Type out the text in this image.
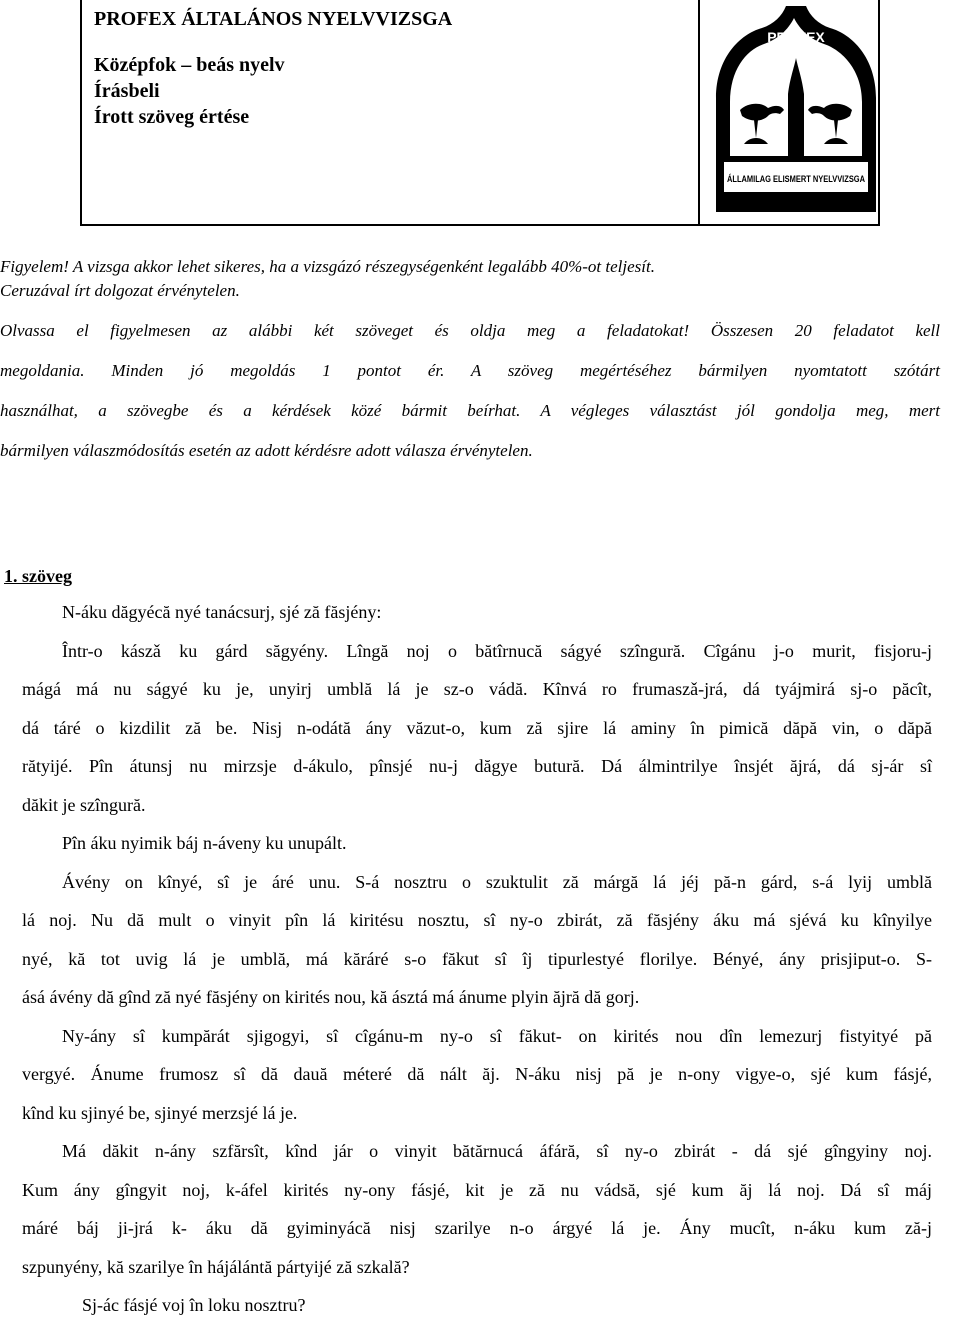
PROFEX ÁLTALÁNOS NYELVVIZSGA
Középfok – beás nyelv
Írásbeli
Írott szöveg értése
PROFEX
ÁLLAMILAG ELISMERT NYELVVIZSGA
Figyelem! A vizsga akkor lehet sikeres, ha a vizsgázó részegységenként legalább 40%-ot teljesít.
Ceruzával írt dolgozat érvénytelen.
Olvassa el figyelmesen az alábbi két szöveget és oldja meg a feladatokat! Összesen 20 feladatot kell
megoldania. Minden jó megoldás 1 pontot ér. A szöveg megértéséhez bármilyen nyomtatott szótárt
használhat, a szövegbe és a kérdések közé bármit beírhat. A végleges választást jól gondolja meg, mert
bármilyen válaszmódosítás esetén az adott kérdésre adott válasza érvénytelen.
1. szöveg
N-áku dăgyécă nyé tanácsurj, sjé ză făsjény:
Într-o kászǎ ku gárd săgyény. Lîngă noj o bătîrnucă ságyé szîngură. Cîgánu j-o murit, fisjoru-j
mágá má nu ságyé ku je, unyirj umblă lá je sz-o vádă. Kînvá ro frumaszǎ-jrá, dá tyájmirá sj-o păcît,
dá táré o kizdilit ză be. Nisj n-odátă ány văzut-o, kum ză sjire lá aminy în pimică dăpă vin, o dăpă
rătyijé. Pîn átunsj nu mirzsje d-ákulo, pînsjé nu-j dăgye butură. Dá álmintrilye însjét ăjrá, dá sj-ár sî
dăkit je szîngură.
Pîn áku nyimik báj n-áveny ku unupált.
Ávény on kînyé, sî je áré unu. S-á nosztru o szuktulit ză márgă lá jéj pă-n gárd, s-á lyij umblă
lá noj. Nu dă mult o vinyit pîn lá kiritésu nosztu, sî ny-o zbirát, ză făsjény áku má sjévá ku kînyilye
nyé, kă tot uvig lá je umblă, má kăráré s-o făkut sî îj tipurlestyé florilye. Bényé, ány prisjiput-o. S-
ásá ávény dă gînd ză nyé făsjény on kirités nou, kă ásztá má ánume plyin ăjră dă gorj.
Ny-ány sî kumpărát sjigogyi, sî cîgánu-m ny-o sî făkut- on kirités nou dîn lemezurj fistyityé pă
vergyé. Ánume frumosz sî dă dauă méteré dă nált ăj. N-áku nisj pă je n-ony vigye-o, sjé kum fásjé,
kînd ku sjinyé be, sjinyé merzsjé lá je.
Má dăkit n-ány szfărsît, kînd jár o vinyit bătărnucá áfáră, sî ny-o zbirát - dá sjé gîngyiny noj.
Kum ány gîngyit noj, k-áfel kirités ny-ony fásjé, kit je ză nu vádsă, sjé kum ăj lá noj. Dá sî máj
máré báj ji-jrá k- áku dă gyiminyácă nisj szarilye n-o árgyé lá je. Ány mucît, n-áku kum ză-j
szpunyény, kă szarilye în hájálántă pártyijé ză szkală?
Sj-ác fásjé voj în loku nosztru?
